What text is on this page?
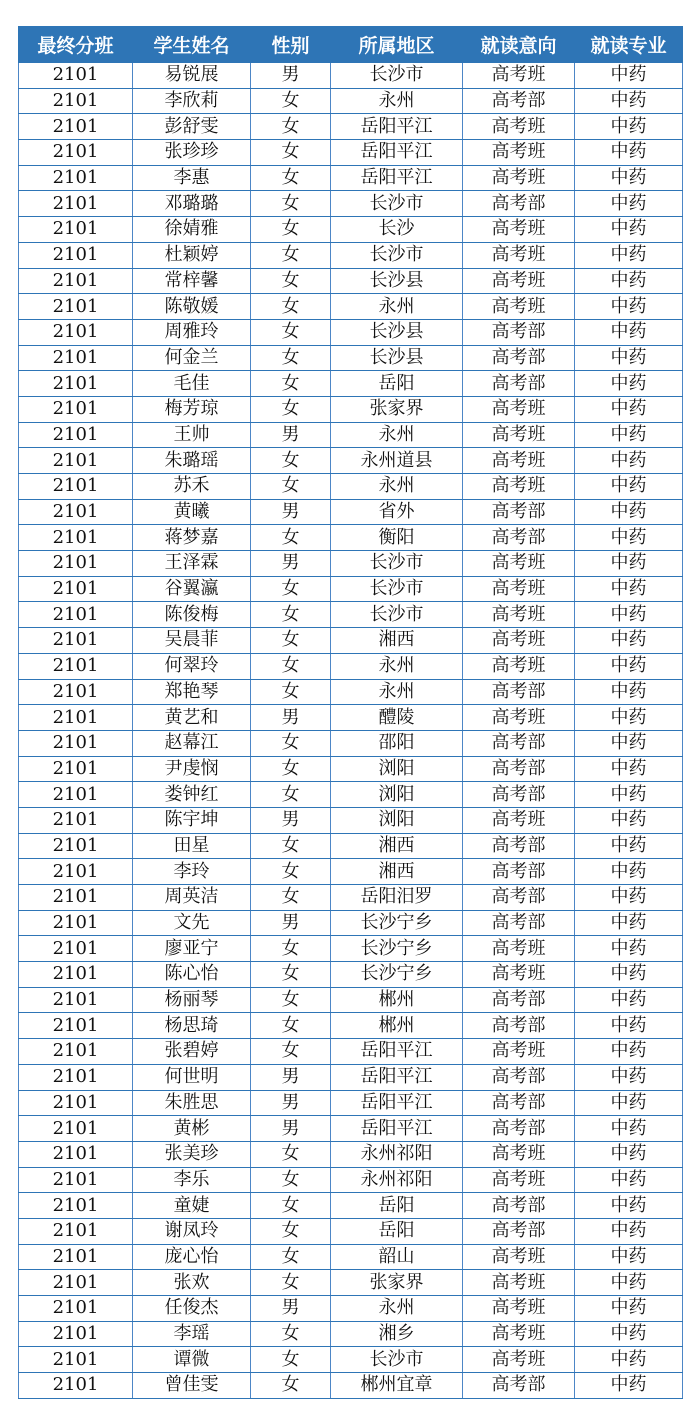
最终分班	学生姓名	性别	所属地区	就读意向	就读专业
2101	易锐展	男	长沙市	高考班	中药
2101	李欣莉	女	永州	高考部	中药
2101	彭舒雯	女	岳阳平江	高考班	中药
2101	张珍珍	女	岳阳平江	高考班	中药
2101	李惠	女	岳阳平江	高考班	中药
2101	邓璐璐	女	长沙市	高考部	中药
2101	徐婧雅	女	长沙	高考班	中药
2101	杜颖婷	女	长沙市	高考班	中药
2101	常梓馨	女	长沙县	高考班	中药
2101	陈敬媛	女	永州	高考班	中药
2101	周雅玲	女	长沙县	高考部	中药
2101	何金兰	女	长沙县	高考部	中药
2101	毛佳	女	岳阳	高考部	中药
2101	梅芳琼	女	张家界	高考班	中药
2101	王帅	男	永州	高考班	中药
2101	朱璐瑶	女	永州道县	高考班	中药
2101	苏禾	女	永州	高考班	中药
2101	黄曦	男	省外	高考部	中药
2101	蒋梦嘉	女	衡阳	高考部	中药
2101	王泽霖	男	长沙市	高考班	中药
2101	谷翼瀛	女	长沙市	高考班	中药
2101	陈俊梅	女	长沙市	高考班	中药
2101	吴晨菲	女	湘西	高考班	中药
2101	何翠玲	女	永州	高考班	中药
2101	郑艳琴	女	永州	高考部	中药
2101	黄艺和	男	醴陵	高考班	中药
2101	赵幕江	女	邵阳	高考部	中药
2101	尹虔悯	女	浏阳	高考部	中药
2101	娄钟红	女	浏阳	高考部	中药
2101	陈宇坤	男	浏阳	高考班	中药
2101	田星	女	湘西	高考部	中药
2101	李玲	女	湘西	高考部	中药
2101	周英洁	女	岳阳汨罗	高考部	中药
2101	文先	男	长沙宁乡	高考部	中药
2101	廖亚宁	女	长沙宁乡	高考班	中药
2101	陈心怡	女	长沙宁乡	高考班	中药
2101	杨丽琴	女	郴州	高考部	中药
2101	杨思琦	女	郴州	高考部	中药
2101	张碧婷	女	岳阳平江	高考班	中药
2101	何世明	男	岳阳平江	高考部	中药
2101	朱胜思	男	岳阳平江	高考部	中药
2101	黄彬	男	岳阳平江	高考部	中药
2101	张美珍	女	永州祁阳	高考班	中药
2101	李乐	女	永州祁阳	高考班	中药
2101	童婕	女	岳阳	高考部	中药
2101	谢凤玲	女	岳阳	高考部	中药
2101	庞心怡	女	韶山	高考班	中药
2101	张欢	女	张家界	高考班	中药
2101	任俊杰	男	永州	高考班	中药
2101	李瑶	女	湘乡	高考班	中药
2101	谭微	女	长沙市	高考班	中药
2101	曾佳雯	女	郴州宜章	高考部	中药
